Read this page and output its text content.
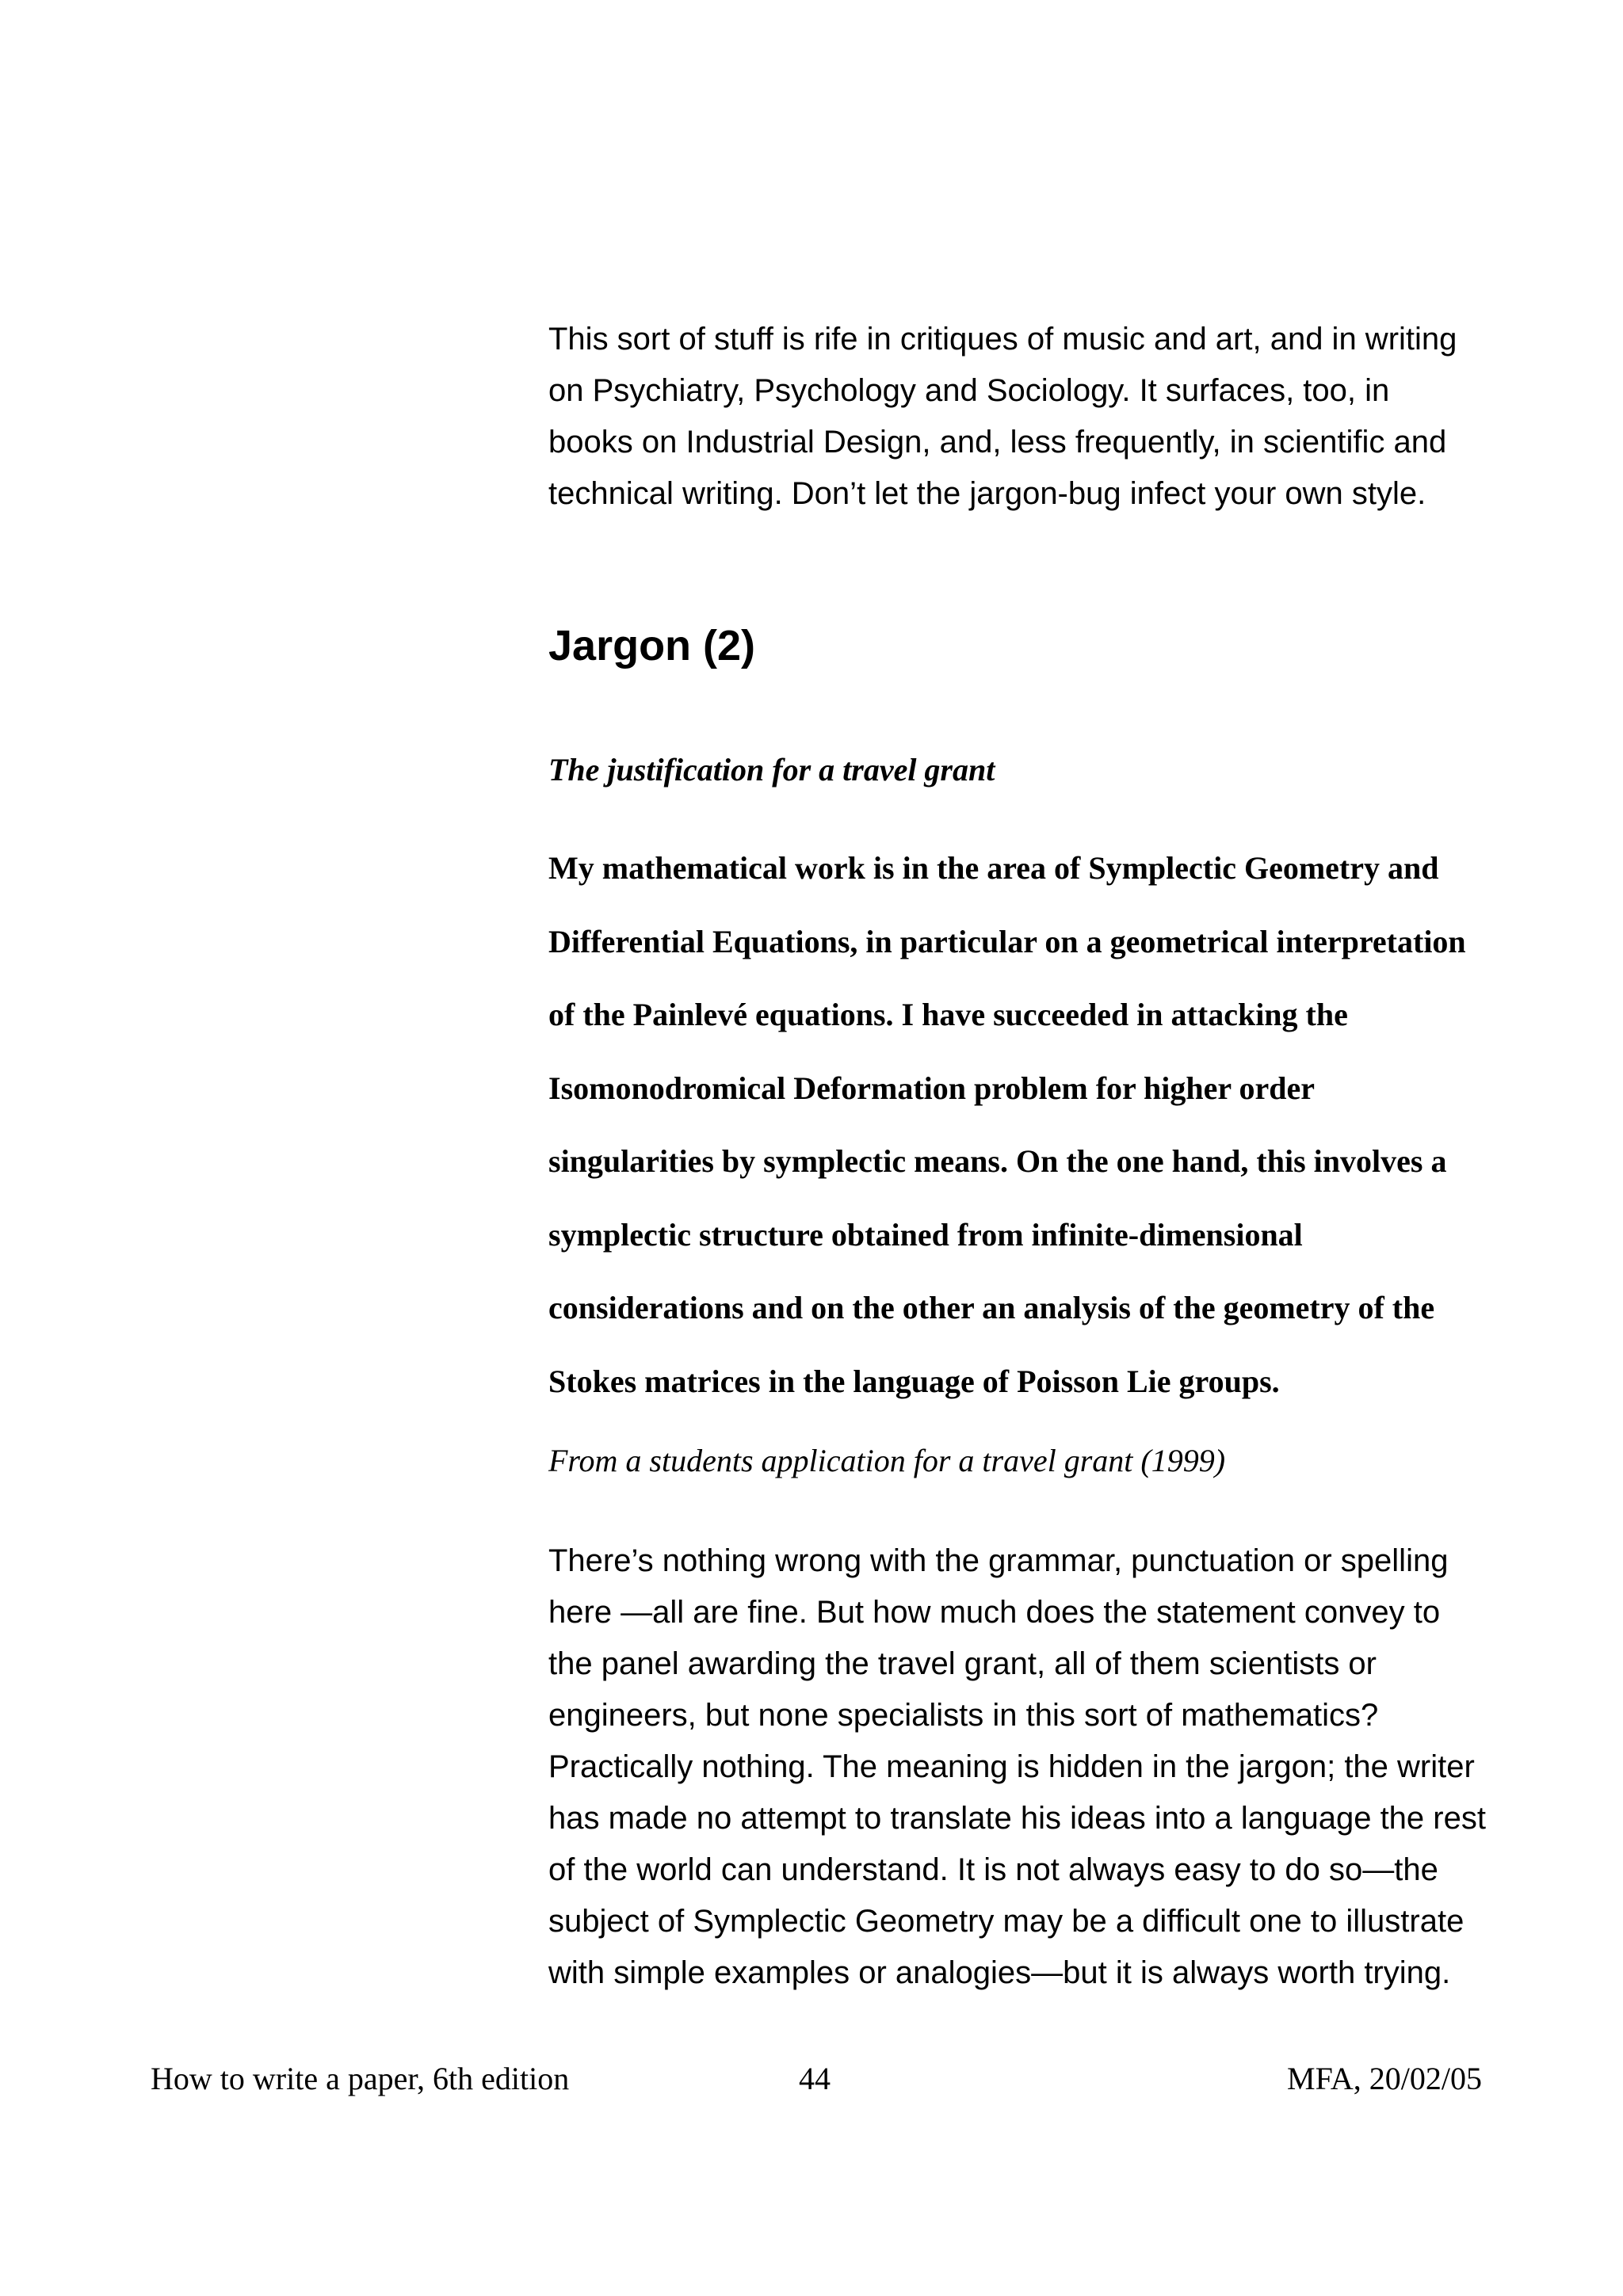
This sort of stuff is rife in critiques of music and art, and in writing
on Psychiatry, Psychology and Sociology. It surfaces, too, in
books on Industrial Design, and, less frequently, in scientific and
technical writing. Don’t let the jargon-bug infect your own style.
Jargon (2)
The justification for a travel grant
My mathematical work is in the area of Symplectic Geometry and
Differential Equations, in particular on a geometrical interpretation
of the Painlevé equations. I have succeeded in attacking the
Isomonodromical Deformation problem for higher order
singularities by symplectic means. On the one hand, this involves a
symplectic structure obtained from infinite-dimensional
considerations and on the other an analysis of the geometry of the
Stokes matrices in the language of Poisson Lie groups.
From a students application for a travel grant (1999)
There’s nothing wrong with the grammar, punctuation or spelling
here —all are fine. But how much does the statement convey to
the panel awarding the travel grant, all of them scientists or
engineers, but none specialists in this sort of mathematics?
Practically nothing. The meaning is hidden in the jargon; the writer
has made no attempt to translate his ideas into a language the rest
of the world can understand. It is not always easy to do so—the
subject of Symplectic Geometry may be a difficult one to illustrate
with simple examples or analogies—but it is always worth trying.
How to write a paper, 6th edition	44	MFA, 20/02/05
